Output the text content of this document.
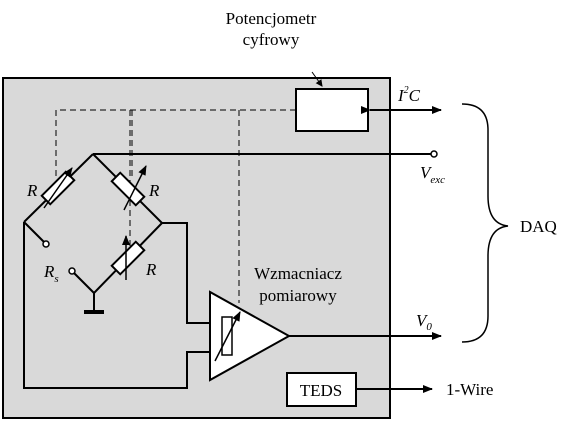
Potencjometr
cyfrowy
$I^2C$
$V_{exc}$
DAQ
R	R
R
$R_s$	Wzmacniacz
pomiarowy
$V_0$
TEDS	1-Wire
